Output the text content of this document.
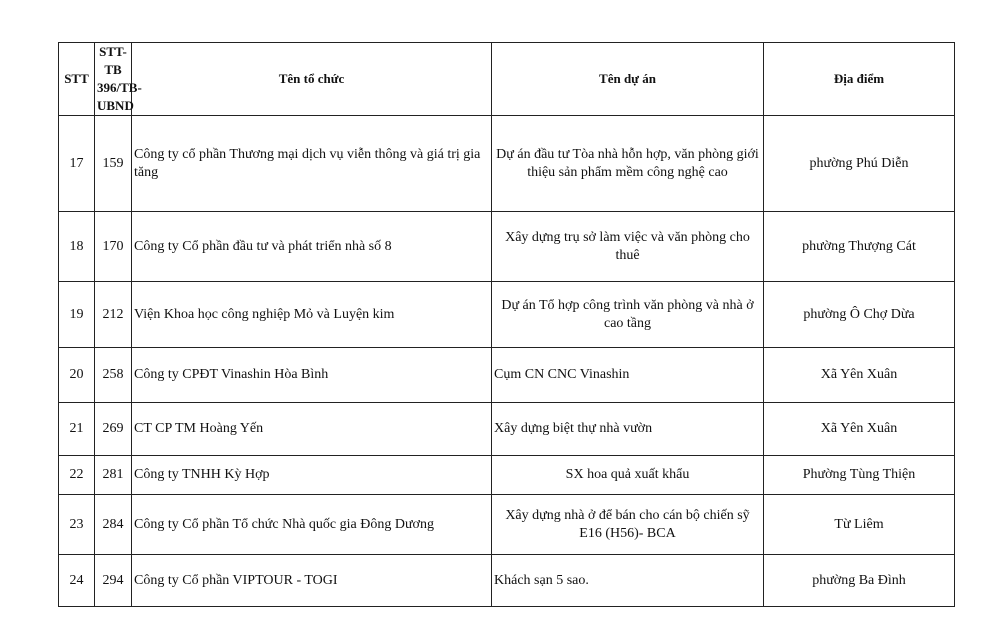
STT	STT-TB 396/TB-UBND	Tên tổ chức	Tên dự án	Địa điểm
17	159	Công ty cổ phần Thương mại dịch vụ viễn thông và giá trị gia tăng	Dự án đầu tư Tòa nhà hỗn hợp, văn phòng giới thiệu sản phẩm mềm công nghệ cao	phường Phú Diễn
18	170	Công ty Cổ phần đầu tư và phát triển nhà số 8	Xây dựng trụ sở làm việc và văn phòng cho thuê	phường Thượng Cát
19	212	Viện Khoa học công nghiệp Mỏ và Luyện kim	Dự án Tổ hợp công trình văn phòng và nhà ở cao tầng	phường Ô Chợ Dừa
20	258	Công ty CPĐT Vinashin Hòa Bình	Cụm CN CNC Vinashin	Xã Yên Xuân
21	269	CT CP TM Hoàng Yến	Xây dựng biệt thự nhà vườn	Xã Yên Xuân
22	281	Công ty TNHH Kỳ Hợp	SX hoa quả xuất khẩu	Phường Tùng Thiện
23	284	Công ty Cổ phần Tổ chức Nhà quốc gia Đông Dương	Xây dựng nhà ở để bán cho cán bộ chiến sỹ E16 (H56)- BCA	Từ Liêm
24	294	Công ty Cổ phần VIPTOUR - TOGI	Khách sạn 5 sao.	phường Ba Đình
